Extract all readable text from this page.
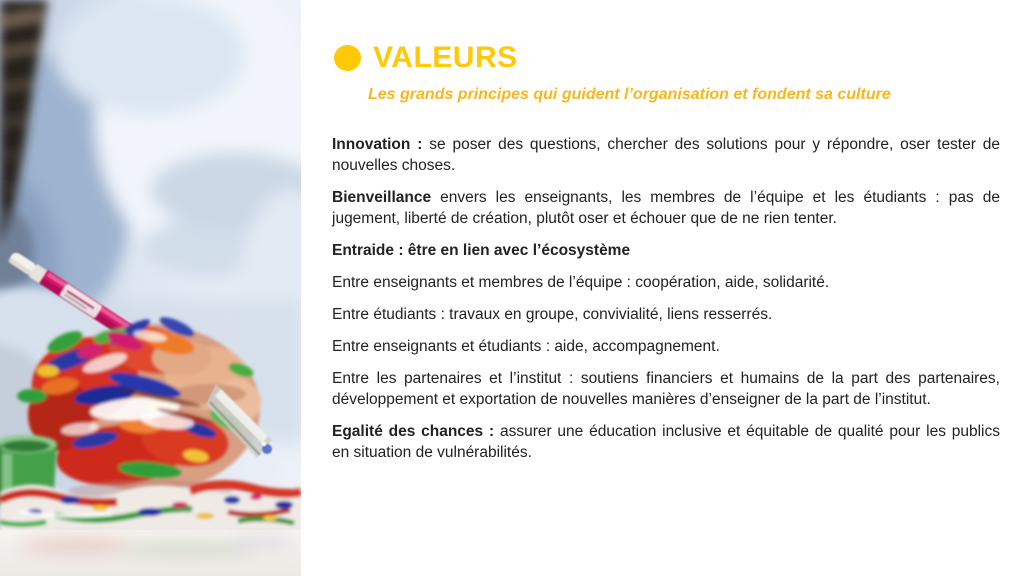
VALEURS

Les grands principes qui guident l’organisation et fondent sa culture

Innovation : se poser des questions, chercher des solutions pour y répondre, oser tester de nouvelles choses.

Bienveillance envers les enseignants, les membres de l’équipe et les étudiants : pas de jugement, liberté de création, plutôt oser et échouer que de ne rien tenter.

Entraide : être en lien avec l’écosystème

Entre enseignants et membres de l’équipe : coopération, aide, solidarité.

Entre étudiants : travaux en groupe, convivialité, liens resserrés.

Entre enseignants et étudiants : aide, accompagnement.

Entre les partenaires et l’institut : soutiens financiers et humains de la part des partenaires, développement et exportation de nouvelles manières d’enseigner de la part de l’institut.

Egalité des chances : assurer une éducation inclusive et équitable de qualité pour les publics en situation de vulnérabilités.
